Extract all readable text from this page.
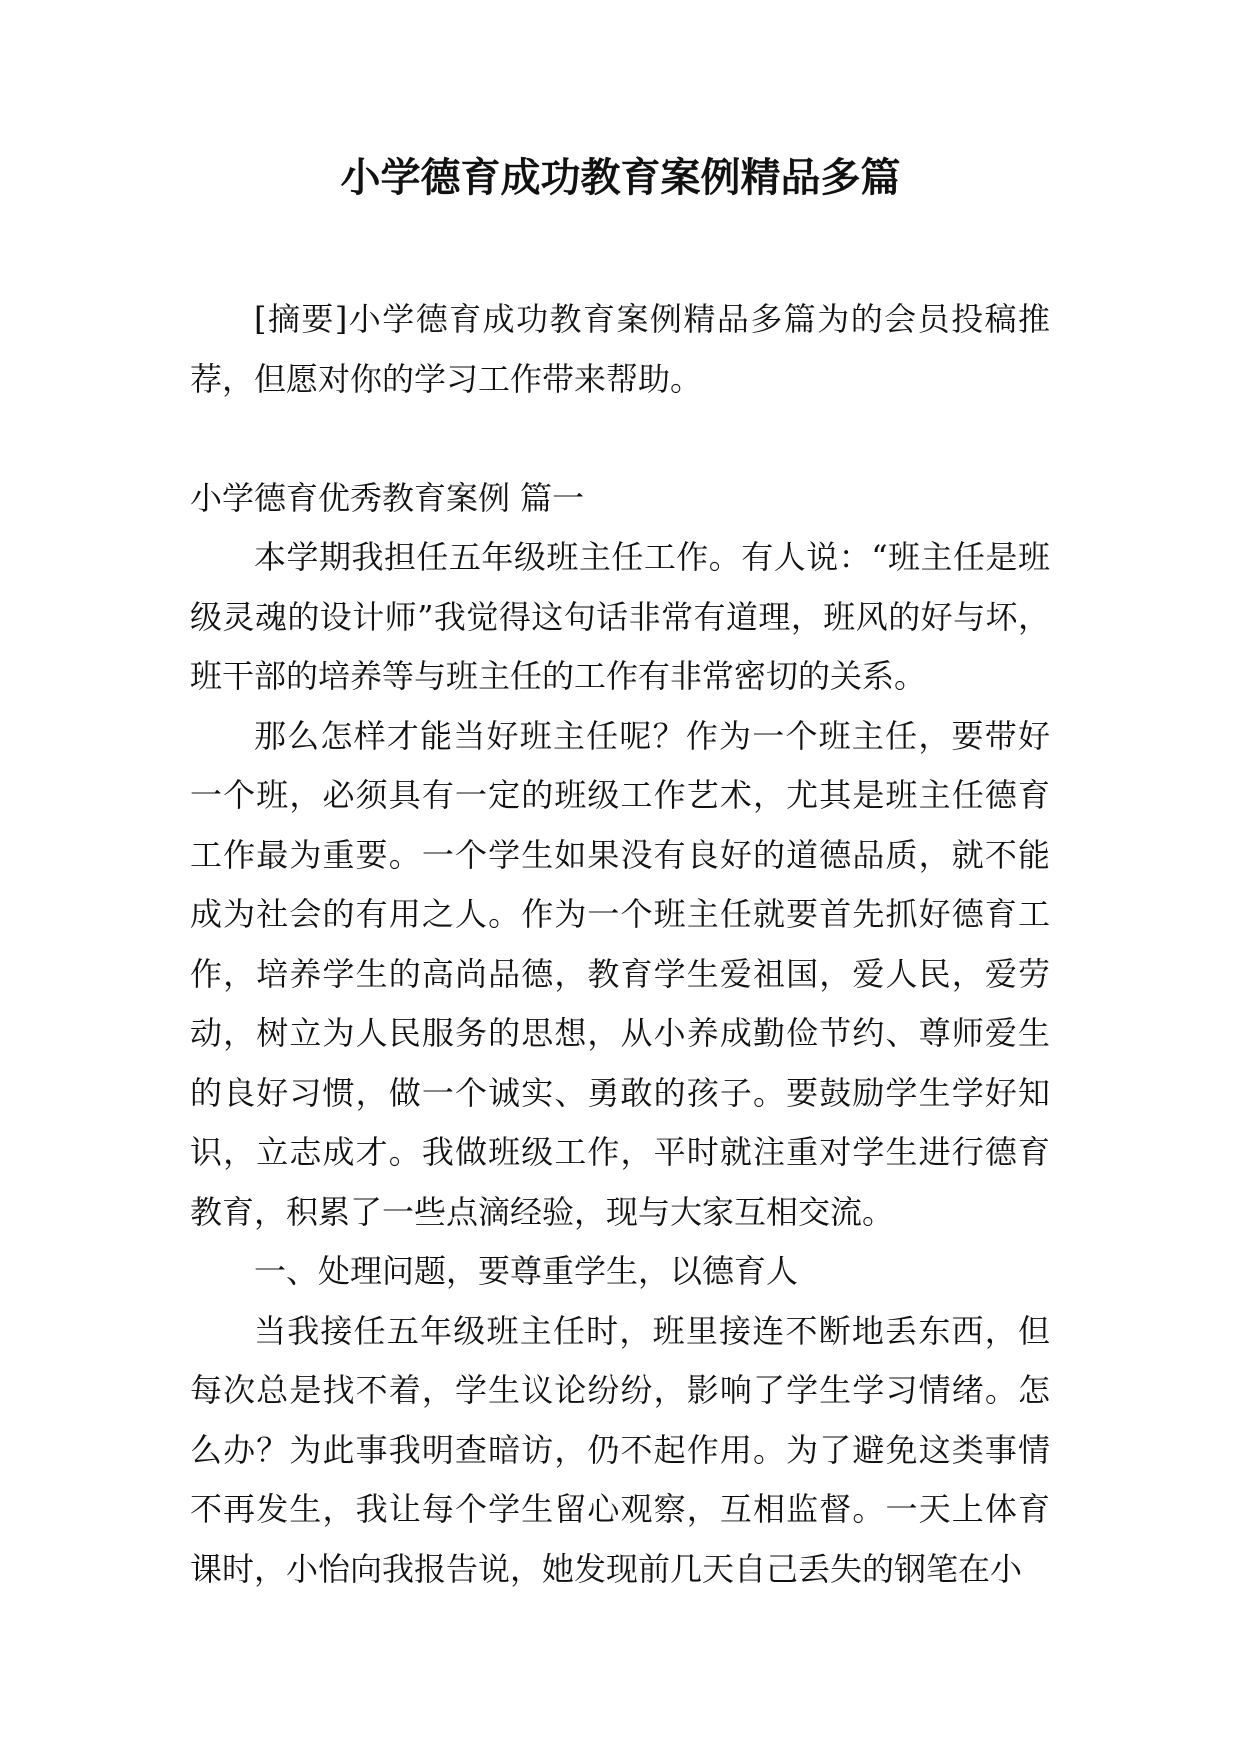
小学德育成功教育案例精品多篇

[摘要]小学德育成功教育案例精品多篇为的会员投稿推荐，但愿对你的学习工作带来帮助。

小学德育优秀教育案例 篇一

本学期我担任五年级班主任工作。有人说：“班主任是班级灵魂的设计师”我觉得这句话非常有道理，班风的好与坏，班干部的培养等与班主任的工作有非常密切的关系。

那么怎样才能当好班主任呢？作为一个班主任，要带好一个班，必须具有一定的班级工作艺术，尤其是班主任德育工作最为重要。一个学生如果没有良好的道德品质，就不能成为社会的有用之人。作为一个班主任就要首先抓好德育工作，培养学生的高尚品德，教育学生爱祖国，爱人民，爱劳动，树立为人民服务的思想，从小养成勤俭节约、尊师爱生的良好习惯，做一个诚实、勇敢的孩子。要鼓励学生学好知识，立志成才。我做班级工作，平时就注重对学生进行德育教育，积累了一些点滴经验，现与大家互相交流。

一、处理问题，要尊重学生，以德育人

当我接任五年级班主任时，班里接连不断地丢东西，但每次总是找不着，学生议论纷纷，影响了学生学习情绪。怎么办？为此事我明查暗访，仍不起作用。为了避免这类事情不再发生，我让每个学生留心观察，互相监督。一天上体育课时，小怡向我报告说，她发现前几天自己丢失的钢笔在小
